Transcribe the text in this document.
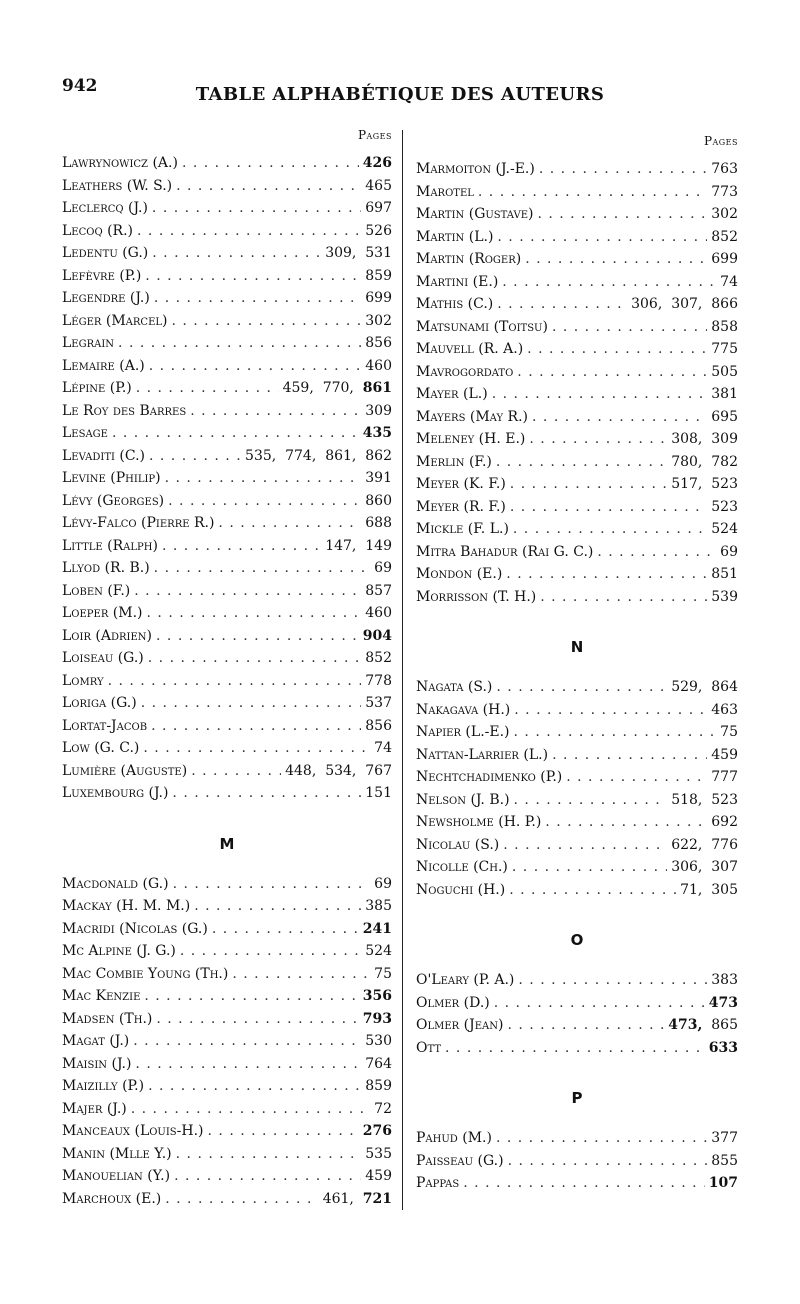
942	TABLE ALPHABÉTIQUE DES AUTEURS
Pages
Lawrynowicz (A.) . . .	426
Leathers (W. S.) . . .	465
Leclercq (J.) . . .	697
Lecoq (R.) . . .	526
Ledentu (G.) . . .	309, 531
Lefèvre (P.) . . .	859
Legendre (J.) . . .	699
Léger (Marcel) . . .	302
Legrain . . .	856
Lemaire (A.) . . .	460
Lépine (P.) . . .	459, 770, 861
Le Roy des Barres . . .	309
Lesage . . .	435
Levaditi (C.) . . .	535, 774, 861, 862
Levine (Philip) . . .	391
Lévy (Georges) . . .	860
Lévy-Falco (Pierre R.) . . .	688
Little (Ralph) . . .	147, 149
Llyod (R. B.) . . .	69
Loben (F.) . . .	857
Loeper (M.) . . .	460
Loir (Adrien) . . .	904
Loiseau (G.) . . .	852
Lomry . . .	778
Loriga (G.) . . .	537
Lortat-Jacob . . .	856
Low (G. C.) . . .	74
Lumière (Auguste) . . .	448, 534, 767
Luxembourg (J.) . . .	151
M
Macdonald (G.) . . .	69
Mackay (H. M. M.) . . .	385
Macridi (Nicolas (G.) . . .	241
Mc Alpine (J. G.) . . .	524
Mac Combie Young (Th.) . . .	75
Mac Kenzie . . .	356
Madsen (Th.) . . .	793
Magat (J.) . . .	530
Maisin (J.) . . .	764
Maizilly (P.) . . .	859
Majer (J.) . . .	72
Manceaux (Louis-H.) . . .	276
Manin (Mlle Y.) . . .	535
Manouelian (Y.) . . .	459
Marchoux (E.) . . .	461, 721
Pages
Marmoiton (J.-E.) . . .	763
Marotel . . .	773
Martin (Gustave) . . .	302
Martin (L.) . . .	852
Martin (Roger) . . .	699
Martini (E.) . . .	74
Mathis (C.) . . .	306, 307, 866
Matsunami (Toitsu) . . .	858
Mauvell (R. A.) . . .	775
Mavrogordato . . .	505
Mayer (L.) . . .	381
Mayers (May R.) . . .	695
Meleney (H. E.) . . .	308, 309
Merlin (F.) . . .	780, 782
Meyer (K. F.) . . .	517, 523
Meyer (R. F.) . . .	523
Mickle (F. L.) . . .	524
Mitra Bahadur (Rai G. C.) . . .	69
Mondon (E.) . . .	851
Morrisson (T. H.) . . .	539
N
Nagata (S.) . . .	529, 864
Nakagava (H.) . . .	463
Napier (L.-E.) . . .	75
Nattan-Larrier (L.) . . .	459
Nechtchadimenko (P.) . . .	777
Nelson (J. B.) . . .	518, 523
Newsholme (H. P.) . . .	692
Nicolau (S.) . . .	622, 776
Nicolle (Ch.) . . .	306, 307
Noguchi (H.) . . .	71, 305
O
O'Leary (P. A.) . . .	383
Olmer (D.) . . .	473
Olmer (Jean) . . .	473, 865
Ott . . .	633
P
Pahud (M.) . . .	377
Paisseau (G.) . . .	855
Pappas . . .	107
